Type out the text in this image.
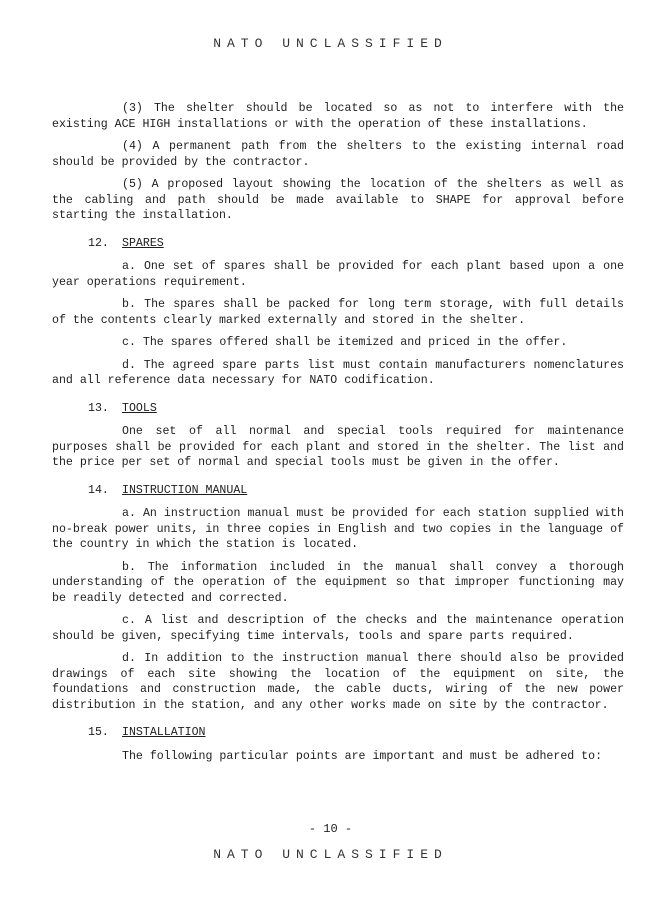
NATO UNCLASSIFIED

(3) The shelter should be located so as not to interfere with the existing ACE HIGH installations or with the operation of these installations.

(4) A permanent path from the shelters to the existing internal road should be provided by the contractor.

(5) A proposed layout showing the location of the shelters as well as the cabling and path should be made available to SHAPE for approval before starting the installation.

12. SPARES

a. One set of spares shall be provided for each plant based upon a one year operations requirement.

b. The spares shall be packed for long term storage, with full details of the contents clearly marked externally and stored in the shelter.

c. The spares offered shall be itemized and priced in the offer.

d. The agreed spare parts list must contain manufacturers nomenclatures and all reference data necessary for NATO codification.

13. TOOLS

One set of all normal and special tools required for maintenance purposes shall be provided for each plant and stored in the shelter. The list and the price per set of normal and special tools must be given in the offer.

14. INSTRUCTION MANUAL

a. An instruction manual must be provided for each station supplied with no-break power units, in three copies in English and two copies in the language of the country in which the station is located.

b. The information included in the manual shall convey a thorough understanding of the operation of the equipment so that improper functioning may be readily detected and corrected.

c. A list and description of the checks and the maintenance operation should be given, specifying time intervals, tools and spare parts required.

d. In addition to the instruction manual there should also be provided drawings of each site showing the location of the equipment on site, the foundations and construction made, the cable ducts, wiring of the new power distribution in the station, and any other works made on site by the contractor.

15. INSTALLATION

The following particular points are important and must be adhered to:

- 10 -
NATO UNCLASSIFIED
